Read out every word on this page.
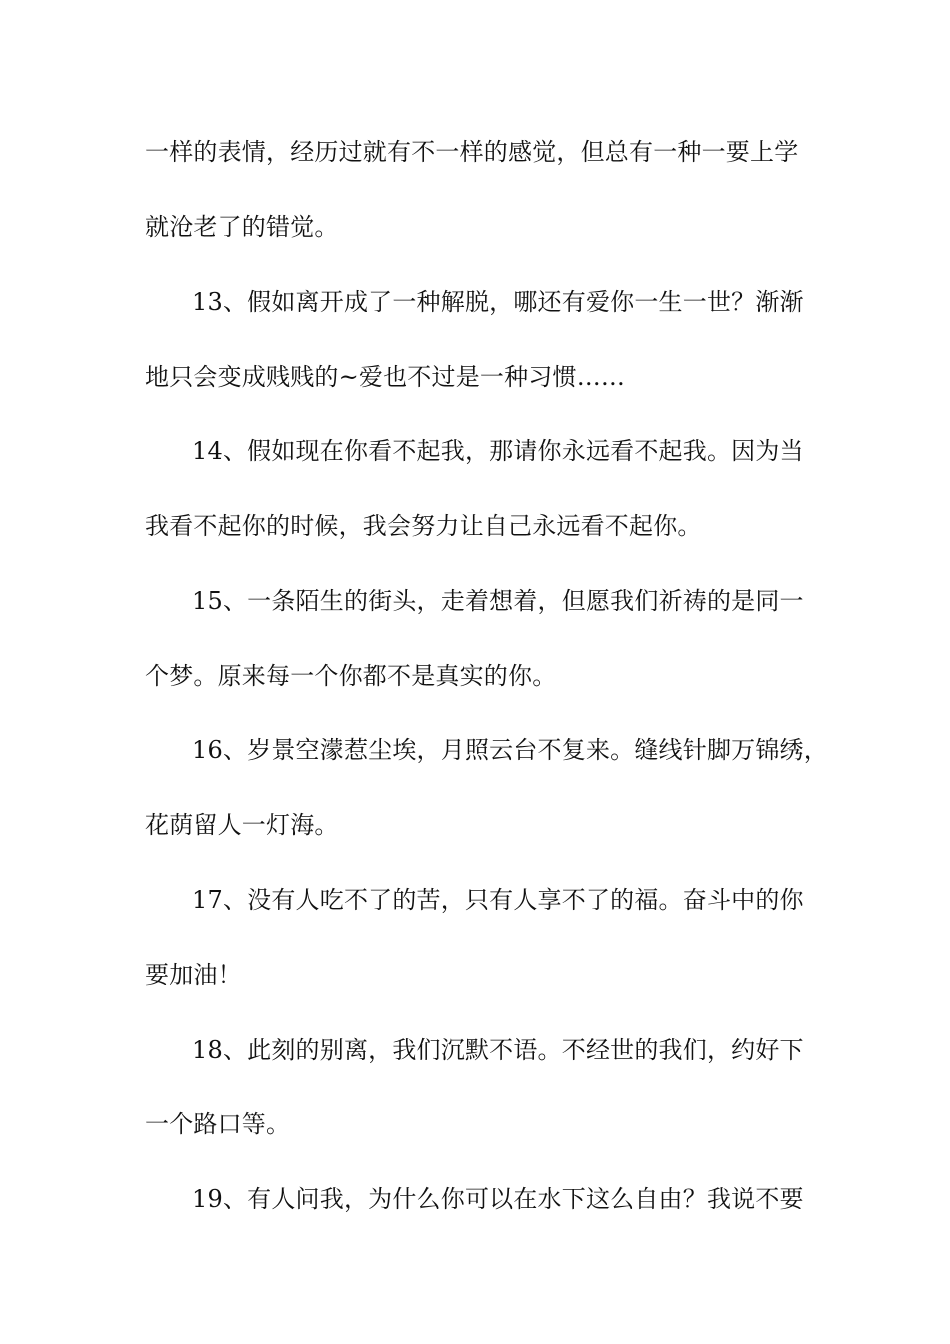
一样的表情，经历过就有不一样的感觉，但总有一种一要上学
就沧老了的错觉。
13、假如离开成了一种解脱，哪还有爱你一生一世？渐渐
地只会变成贱贱的~爱也不过是一种习惯……
14、假如现在你看不起我，那请你永远看不起我。因为当
我看不起你的时候，我会努力让自己永远看不起你。
15、一条陌生的街头，走着想着，但愿我们祈祷的是同一
个梦。原来每一个你都不是真实的你。
16、岁景空濛惹尘埃，月照云台不复来。缝线针脚万锦绣，
花荫留人一灯海。
17、没有人吃不了的苦，只有人享不了的福。奋斗中的你
要加油！
18、此刻的别离，我们沉默不语。不经世的我们，约好下
一个路口等。
19、有人问我，为什么你可以在水下这么自由？我说不要
